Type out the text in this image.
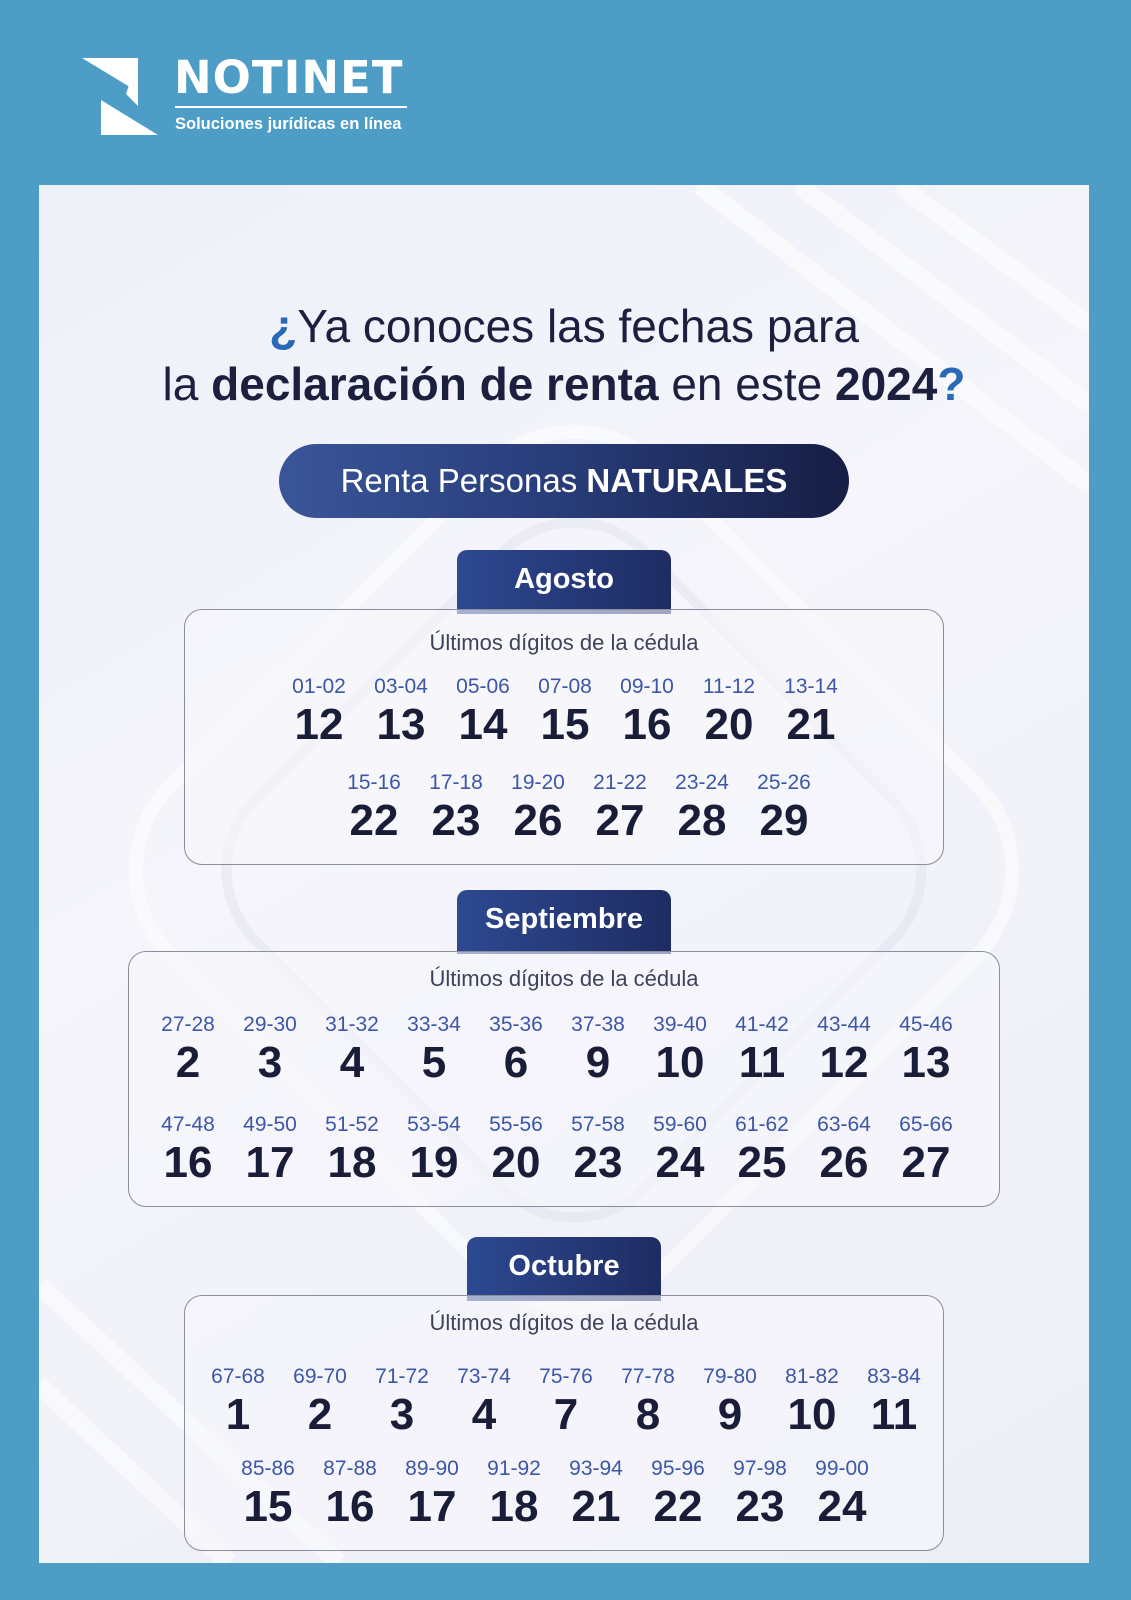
NOTINET
Soluciones jurídicas en línea
¿Ya conoces las fechas para
la declaración de renta en este 2024?
Renta Personas NATURALES
Agosto
Últimos dígitos de la cédula
01-02
12
03-04
13
05-06
14
07-08
15
09-10
16
11-12
20
13-14
21
15-16
22
17-18
23
19-20
26
21-22
27
23-24
28
25-26
29
Septiembre
Últimos dígitos de la cédula
27-28
2
29-30
3
31-32
4
33-34
5
35-36
6
37-38
9
39-40
10
41-42
11
43-44
12
45-46
13
47-48
16
49-50
17
51-52
18
53-54
19
55-56
20
57-58
23
59-60
24
61-62
25
63-64
26
65-66
27
Octubre
Últimos dígitos de la cédula
67-68
1
69-70
2
71-72
3
73-74
4
75-76
7
77-78
8
79-80
9
81-82
10
83-84
11
85-86
15
87-88
16
89-90
17
91-92
18
93-94
21
95-96
22
97-98
23
99-00
24
